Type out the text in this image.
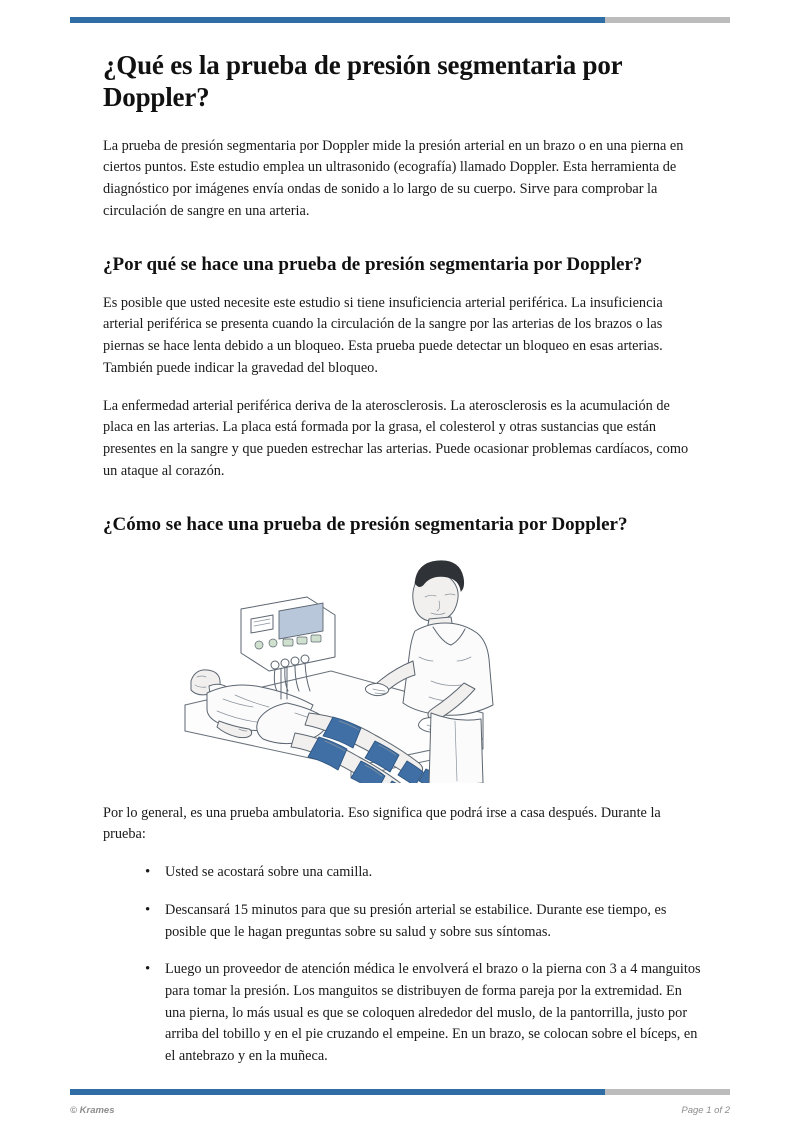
¿Qué es la prueba de presión segmentaria por Doppler?

La prueba de presión segmentaria por Doppler mide la presión arterial en un brazo o en una pierna en ciertos puntos. Este estudio emplea un ultrasonido (ecografía) llamado Doppler. Esta herramienta de diagnóstico por imágenes envía ondas de sonido a lo largo de su cuerpo. Sirve para comprobar la circulación de sangre en una arteria.

¿Por qué se hace una prueba de presión segmentaria por Doppler?

Es posible que usted necesite este estudio si tiene insuficiencia arterial periférica. La insuficiencia arterial periférica se presenta cuando la circulación de la sangre por las arterias de los brazos o las piernas se hace lenta debido a un bloqueo. Esta prueba puede detectar un bloqueo en esas arterias. También puede indicar la gravedad del bloqueo.

La enfermedad arterial periférica deriva de la aterosclerosis. La aterosclerosis es la acumulación de placa en las arterias. La placa está formada por la grasa, el colesterol y otras sustancias que están presentes en la sangre y que pueden estrechar las arterias. Puede ocasionar problemas cardíacos, como un ataque al corazón.

¿Cómo se hace una prueba de presión segmentaria por Doppler?

Por lo general, es una prueba ambulatoria. Eso significa que podrá irse a casa después. Durante la prueba:

• Usted se acostará sobre una camilla.
• Descansará 15 minutos para que su presión arterial se estabilice. Durante ese tiempo, es posible que le hagan preguntas sobre su salud y sobre sus síntomas.
• Luego un proveedor de atención médica le envolverá el brazo o la pierna con 3 a 4 manguitos para tomar la presión. Los manguitos se distribuyen de forma pareja por la extremidad. En una pierna, lo más usual es que se coloquen alrededor del muslo, de la pantorrilla, justo por arriba del tobillo y en el pie cruzando el empeine. En un brazo, se colocan sobre el bíceps, en el antebrazo y en la muñeca.
© Krames	Page 1 of 2
